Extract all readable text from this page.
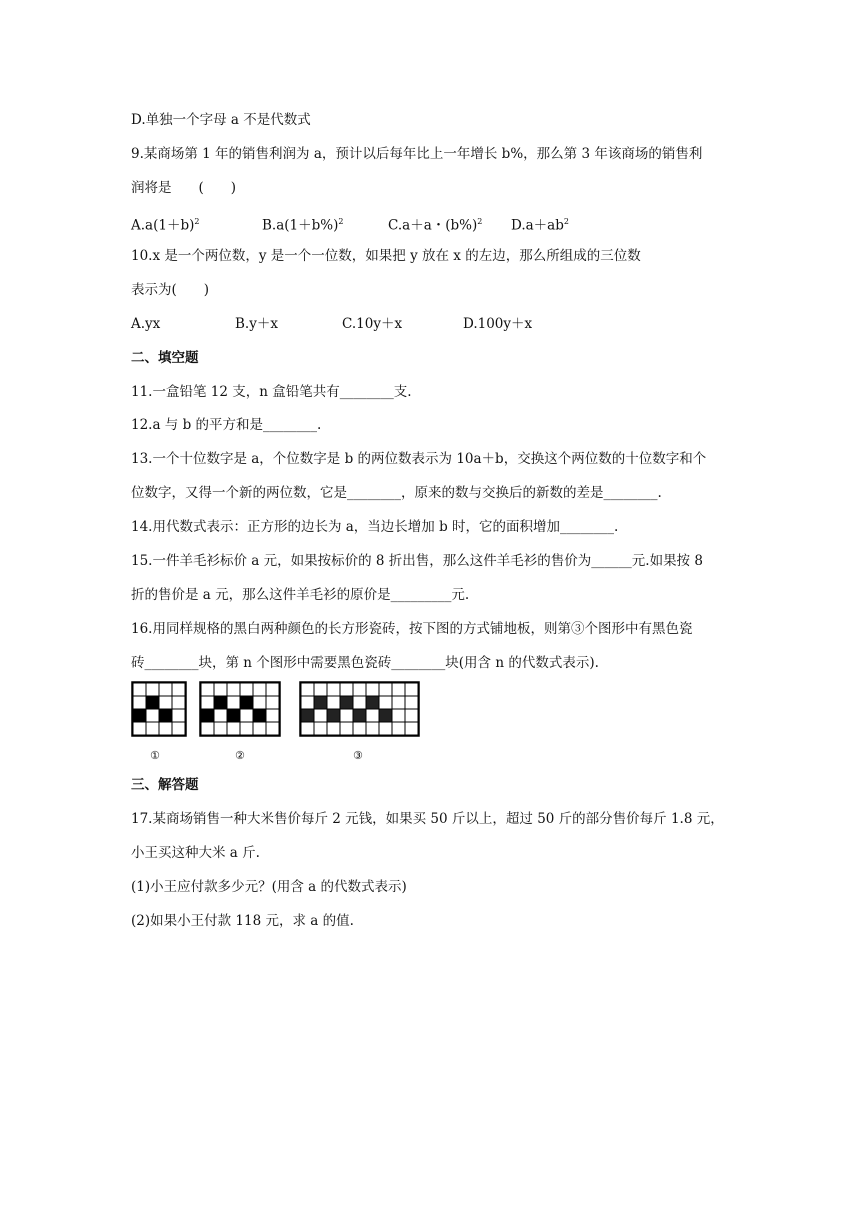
D.单独一个字母 a 不是代数式
9.某商场第 1 年的销售利润为 a，预计以后每年比上一年增长 b%，那么第 3 年该商场的销售利
润将是　　(　　)
$A.a(1+b)^2$	$B.a(1+b\%)^2$	C.a＋a・$(b\%)^2$ $D.a+ab^2$
10.x 是一个两位数，y 是一个一位数，如果把 y 放在 x 的左边，那么所组成的三位数
表示为(　　)
A.yx	B.y＋x	C.10y＋x	D.100y＋x
二、填空题
11.一盒铅笔 12 支，n 盒铅笔共有________支.
12.a 与 b 的平方和是________.
13.一个十位数字是 a，个位数字是 b 的两位数表示为 10a＋b，交换这个两位数的十位数字和个
位数字，又得一个新的两位数，它是________，原来的数与交换后的新数的差是________.
14.用代数式表示：正方形的边长为 a，当边长增加 b 时，它的面积增加________.
15.一件羊毛衫标价 a 元，如果按标价的 8 折出售，那么这件羊毛衫的售价为______元.如果按 8
折的售价是 a 元，那么这件羊毛衫的原价是_________元.
16.用同样规格的黑白两种颜色的长方形瓷砖，按下图的方式铺地板，则第③个图形中有黑色瓷
砖________块，第 n 个图形中需要黑色瓷砖________块(用含 n 的代数式表示).
①	②	③
三、解答题
17.某商场销售一种大米售价每斤 2 元钱，如果买 50 斤以上，超过 50 斤的部分售价每斤 1.8 元，
小王买这种大米 a 斤.
(1)小王应付款多少元？(用含 a 的代数式表示)
(2)如果小王付款 118 元，求 a 的值.
